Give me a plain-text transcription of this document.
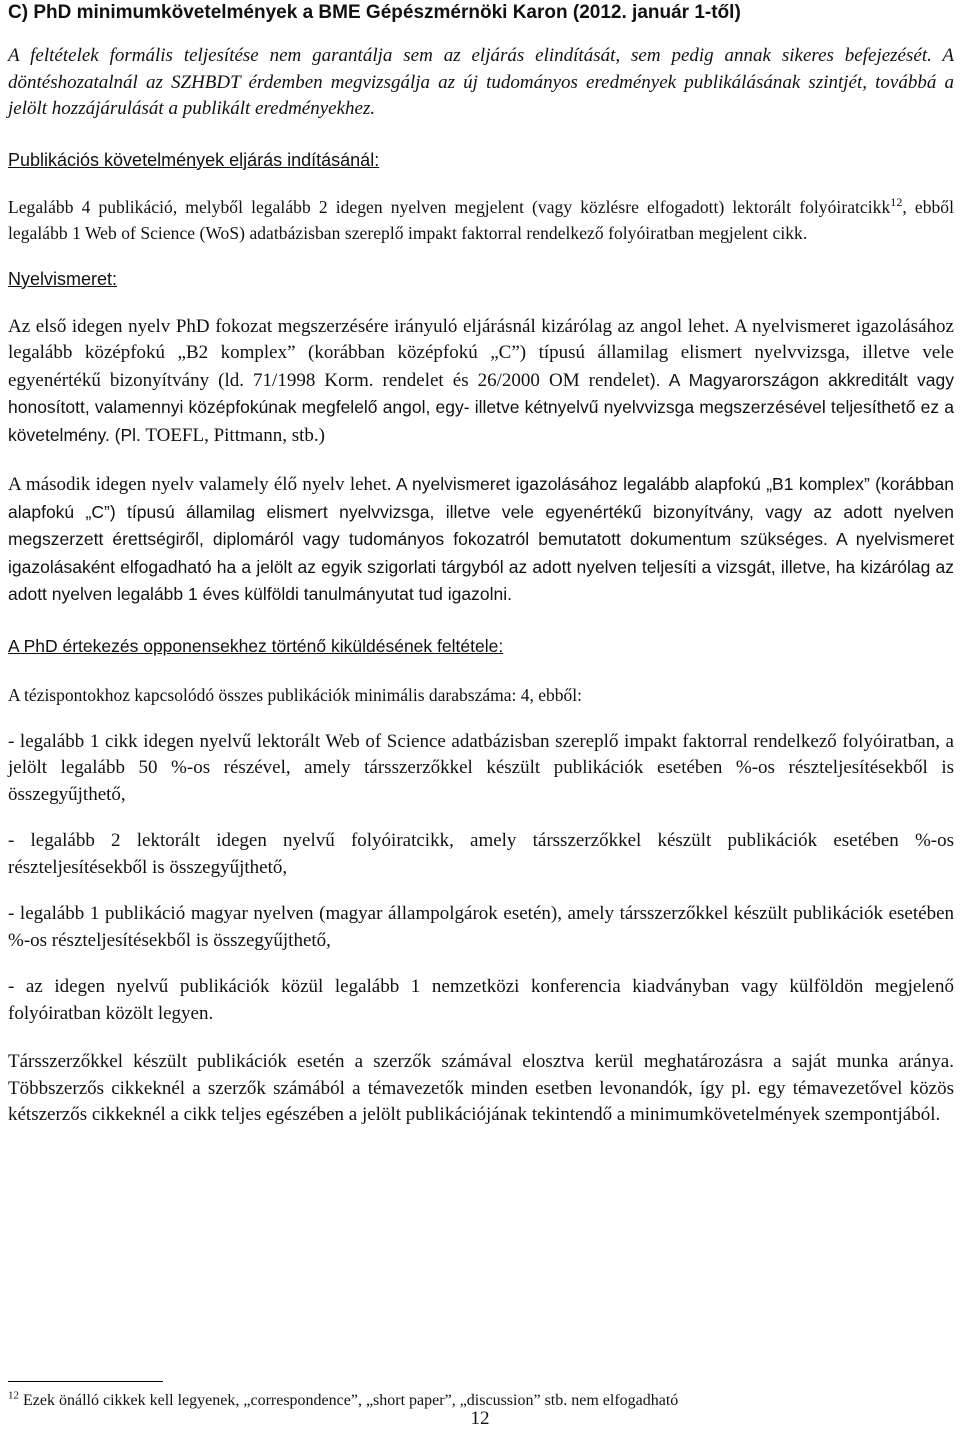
C) PhD minimumkövetelmények a BME Gépészmérnöki Karon (2012. január 1-től)

A feltételek formális teljesítése nem garantálja sem az eljárás elindítását, sem pedig annak sikeres befejezését. A döntéshozatalnál az SZHBDT érdemben megvizsgálja az új tudományos eredmények publikálásának szintjét, továbbá a jelölt hozzájárulását a publikált eredményekhez.

Publikációs követelmények eljárás indításánál:

Legalább 4 publikáció, melyből legalább 2 idegen nyelven megjelent (vagy közlésre elfogadott) lektorált folyóiratcikk$^{12}$, ebből legalább 1 Web of Science (WoS) adatbázisban szereplő impakt faktorral rendelkező folyóiratban megjelent cikk.

Nyelvismeret:

Az első idegen nyelv PhD fokozat megszerzésére irányuló eljárásnál kizárólag az angol lehet. A nyelvismeret igazolásához legalább középfokú „B2 komplex” (korábban középfokú „C”) típusú államilag elismert nyelvvizsga, illetve vele egyenértékű bizonyítvány (ld. 71/1998 Korm. rendelet és 26/2000 OM rendelet). A Magyarországon akkreditált vagy honosított, valamennyi középfokúnak megfelelő angol, egy- illetve kétnyelvű nyelvvizsga megszerzésével teljesíthető ez a követelmény. (Pl. TOEFL, Pittmann, stb.)

A második idegen nyelv valamely élő nyelv lehet. A nyelvismeret igazolásához legalább alapfokú „B1 komplex” (korábban alapfokú „C”) típusú államilag elismert nyelvvizsga, illetve vele egyenértékű bizonyítvány, vagy az adott nyelven megszerzett érettségiről, diplomáról vagy tudományos fokozatról bemutatott dokumentum szükséges. A nyelvismeret igazolásaként elfogadható ha a jelölt az egyik szigorlati tárgyból az adott nyelven teljesíti a vizsgát, illetve, ha kizárólag az adott nyelven legalább 1 éves külföldi tanulmányutat tud igazolni.

A PhD értekezés opponensekhez történő kiküldésének feltétele:

A tézispontokhoz kapcsolódó összes publikációk minimális darabszáma: 4, ebből:

- legalább 1 cikk idegen nyelvű lektorált Web of Science adatbázisban szereplő impakt faktorral rendelkező folyóiratban, a jelölt legalább 50 %-os részével, amely társszerzőkkel készült publikációk esetében %-os részteljesítésekből is összegyűjthető,

- legalább 2 lektorált idegen nyelvű folyóiratcikk, amely társszerzőkkel készült publikációk esetében %-os részteljesítésekből is összegyűjthető,

- legalább 1 publikáció magyar nyelven (magyar állampolgárok esetén), amely társszerzőkkel készült publikációk esetében %-os részteljesítésekből is összegyűjthető,

- az idegen nyelvű publikációk közül legalább 1 nemzetközi konferencia kiadványban vagy külföldön megjelenő folyóiratban közölt legyen.

Társszerzőkkel készült publikációk esetén a szerzők számával elosztva kerül meghatározásra a saját munka aránya. Többszerzős cikkeknél a szerzők számából a témavezetők minden esetben levonandók, így pl. egy témavezetővel közös kétszerzős cikkeknél a cikk teljes egészében a jelölt publikációjának tekintendő a minimumkövetelmények szempontjából.

$^{12}$ Ezek önálló cikkek kell legyenek, „correspondence”, „short paper”, „discussion” stb. nem elfogadható

12
